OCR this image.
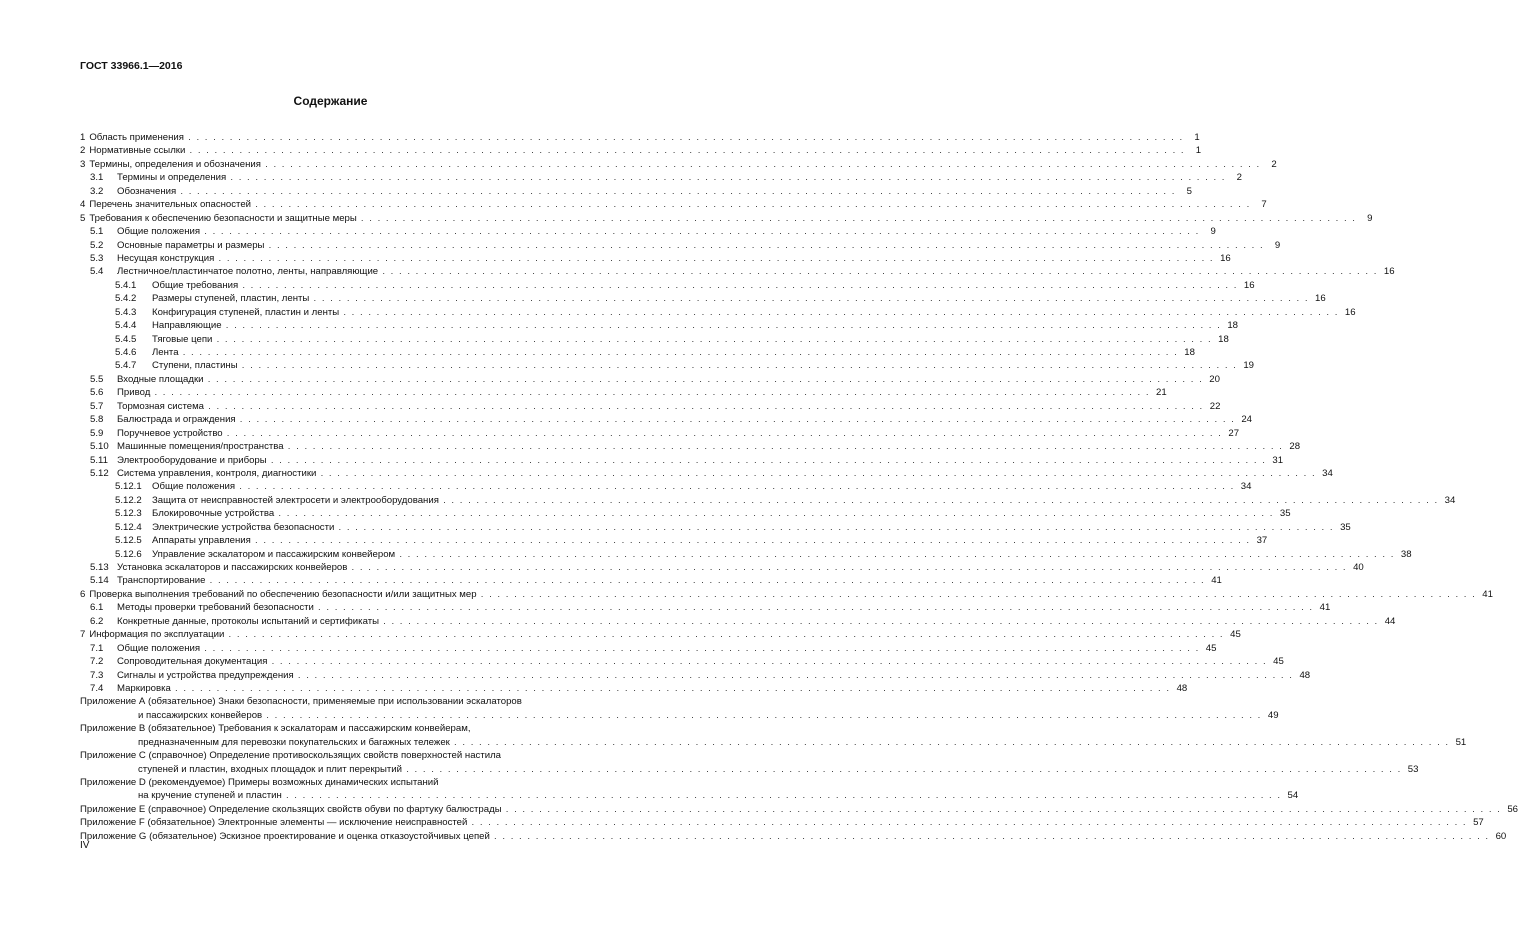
ГОСТ 33966.1—2016
Содержание
1 Область применения . . . . . . . . . . . . . . . . . . . . . . . . . . . . . . . . . . . . . . . . . . . . . . . . . . . . . . . . . . . . . . . . . . . . . . . . . . . . . . . . . . . . . . . . . . . . . . . . . . . . . . . . . . . . . . . . . . . . . . . .	1
2 Нормативные ссылки . . . . . . . . . . . . . . . . . . . . . . . . . . . . . . . . . . . . . . . . . . . . . . . . . . . . . . . . . . . . . . . . . . . . . . . . . . . . . . . . . . . . . . . . . . . . . . . . . . . . . . . . . . . . . . . . . . . . . . . .	1
3 Термины, определения и обозначения . . . . . . . . . . . . . . . . . . . . . . . . . . . . . . . . . . . . . . . . . . . . . . . . . . . . . . . . . . . . . . . . . . . . . . . . . . . . . . . . . . . . . . . . . . . . . . . . . . . . . . . . . . . . . . . . . . . . . . . .	2
3.1 Термины и определения . . . . . . . . . . . . . . . . . . . . . . . . . . . . . . . . . . . . . . . . . . . . . . . . . . . . . . . . . . . . . . . . . . . . . . . . . . . . . . . . . . . . . . . . . . . . . . . . . . . . . . . . . . . . . . . . . . . . . . . .	2
3.2 Обозначения . . . . . . . . . . . . . . . . . . . . . . . . . . . . . . . . . . . . . . . . . . . . . . . . . . . . . . . . . . . . . . . . . . . . . . . . . . . . . . . . . . . . . . . . . . . . . . . . . . . . . . . . . . . . . . . . . . . . . . . .	5
4 Перечень значительных опасностей . . . . . . . . . . . . . . . . . . . . . . . . . . . . . . . . . . . . . . . . . . . . . . . . . . . . . . . . . . . . . . . . . . . . . . . . . . . . . . . . . . . . . . . . . . . . . . . . . . . . . . . . . . . . . . . . . . . . . . . .	7
5 Требования к обеспечению безопасности и защитные меры . . . . . . . . . . . . . . . . . . . . . . . . . . . . . . . . . . . . . . . . . . . . . . . . . . . . . . . . . . . . . . . . . . . . . . . . . . . . . . . . . . . . . . . . . . . . . . . . . . . . . . . . . . . . . . . . . . . . . . . .	9
5.1 Общие положения . . . . . . . . . . . . . . . . . . . . . . . . . . . . . . . . . . . . . . . . . . . . . . . . . . . . . . . . . . . . . . . . . . . . . . . . . . . . . . . . . . . . . . . . . . . . . . . . . . . . . . . . . . . . . . . . . . . . . . . .	9
5.2 Основные параметры и размеры . . . . . . . . . . . . . . . . . . . . . . . . . . . . . . . . . . . . . . . . . . . . . . . . . . . . . . . . . . . . . . . . . . . . . . . . . . . . . . . . . . . . . . . . . . . . . . . . . . . . . . . . . . . . . . . . . . . . . . . .	9
5.3 Несущая конструкция . . . . . . . . . . . . . . . . . . . . . . . . . . . . . . . . . . . . . . . . . . . . . . . . . . . . . . . . . . . . . . . . . . . . . . . . . . . . . . . . . . . . . . . . . . . . . . . . . . . . . . . . . . . . . . . . . . . . . . . . 16
5.4 Лестничное/пластинчатое полотно, ленты, направляющие . . . . . . . . . . . . . . . . . . . . . . . . . . . . . . . . . . . . . . . . . . . . . . . . . . . . . . . . . . . . . . . . . . . . . . . . . . . . . . . . . . . . . . . . . . . . . . . . . . . . . . . . . . . . . . . . . . . . . . . . 16
5.4.1 Общие требования . . . . . . . . . . . . . . . . . . . . . . . . . . . . . . . . . . . . . . . . . . . . . . . . . . . . . . . . . . . . . . . . . . . . . . . . . . . . . . . . . . . . . . . . . . . . . . . . . . . . . . . . . . . . . . . . . . . . . . . . 16
5.4.2 Размеры ступеней, пластин, ленты . . . . . . . . . . . . . . . . . . . . . . . . . . . . . . . . . . . . . . . . . . . . . . . . . . . . . . . . . . . . . . . . . . . . . . . . . . . . . . . . . . . . . . . . . . . . . . . . . . . . . . . . . . . . . . . . . . . . . . . . 16
5.4.3 Конфигурация ступеней, пластин и ленты . . . . . . . . . . . . . . . . . . . . . . . . . . . . . . . . . . . . . . . . . . . . . . . . . . . . . . . . . . . . . . . . . . . . . . . . . . . . . . . . . . . . . . . . . . . . . . . . . . . . . . . . . . . . . . . . . . . . . . . . 16
5.4.4 Направляющие . . . . . . . . . . . . . . . . . . . . . . . . . . . . . . . . . . . . . . . . . . . . . . . . . . . . . . . . . . . . . . . . . . . . . . . . . . . . . . . . . . . . . . . . . . . . . . . . . . . . . . . . . . . . . . . . . . . . . . . . 18
5.4.5 Тяговые цепи . . . . . . . . . . . . . . . . . . . . . . . . . . . . . . . . . . . . . . . . . . . . . . . . . . . . . . . . . . . . . . . . . . . . . . . . . . . . . . . . . . . . . . . . . . . . . . . . . . . . . . . . . . . . . . . . . . . . . . . . 18
5.4.6 Лента . . . . . . . . . . . . . . . . . . . . . . . . . . . . . . . . . . . . . . . . . . . . . . . . . . . . . . . . . . . . . . . . . . . . . . . . . . . . . . . . . . . . . . . . . . . . . . . . . . . . . . . . . . . . . . . . . . . . . . . . 18
5.4.7 Ступени, пластины . . . . . . . . . . . . . . . . . . . . . . . . . . . . . . . . . . . . . . . . . . . . . . . . . . . . . . . . . . . . . . . . . . . . . . . . . . . . . . . . . . . . . . . . . . . . . . . . . . . . . . . . . . . . . . . . . . . . . . . . 19
5.5 Входные площадки . . . . . . . . . . . . . . . . . . . . . . . . . . . . . . . . . . . . . . . . . . . . . . . . . . . . . . . . . . . . . . . . . . . . . . . . . . . . . . . . . . . . . . . . . . . . . . . . . . . . . . . . . . . . . . . . . . . . . . . . 20
5.6 Привод . . . . . . . . . . . . . . . . . . . . . . . . . . . . . . . . . . . . . . . . . . . . . . . . . . . . . . . . . . . . . . . . . . . . . . . . . . . . . . . . . . . . . . . . . . . . . . . . . . . . . . . . . . . . . . . . . . . . . . . . 21
5.7 Тормозная система . . . . . . . . . . . . . . . . . . . . . . . . . . . . . . . . . . . . . . . . . . . . . . . . . . . . . . . . . . . . . . . . . . . . . . . . . . . . . . . . . . . . . . . . . . . . . . . . . . . . . . . . . . . . . . . . . . . . . . . . 22
5.8 Балюстрада и ограждения . . . . . . . . . . . . . . . . . . . . . . . . . . . . . . . . . . . . . . . . . . . . . . . . . . . . . . . . . . . . . . . . . . . . . . . . . . . . . . . . . . . . . . . . . . . . . . . . . . . . . . . . . . . . . . . . . . . . . . . . 24
5.9 Поручневое устройство . . . . . . . . . . . . . . . . . . . . . . . . . . . . . . . . . . . . . . . . . . . . . . . . . . . . . . . . . . . . . . . . . . . . . . . . . . . . . . . . . . . . . . . . . . . . . . . . . . . . . . . . . . . . . . . . . . . . . . . . 27
5.10 Машинные помещения/пространства . . . . . . . . . . . . . . . . . . . . . . . . . . . . . . . . . . . . . . . . . . . . . . . . . . . . . . . . . . . . . . . . . . . . . . . . . . . . . . . . . . . . . . . . . . . . . . . . . . . . . . . . . . . . . . . . . . . . . . . . 28
5.11 Электрооборудование и приборы . . . . . . . . . . . . . . . . . . . . . . . . . . . . . . . . . . . . . . . . . . . . . . . . . . . . . . . . . . . . . . . . . . . . . . . . . . . . . . . . . . . . . . . . . . . . . . . . . . . . . . . . . . . . . . . . . . . . . . . . 31
5.12 Система управления, контроля, диагностики . . . . . . . . . . . . . . . . . . . . . . . . . . . . . . . . . . . . . . . . . . . . . . . . . . . . . . . . . . . . . . . . . . . . . . . . . . . . . . . . . . . . . . . . . . . . . . . . . . . . . . . . . . . . . . . . . . . . . . . . 34
5.12.1 Общие положения . . . . . . . . . . . . . . . . . . . . . . . . . . . . . . . . . . . . . . . . . . . . . . . . . . . . . . . . . . . . . . . . . . . . . . . . . . . . . . . . . . . . . . . . . . . . . . . . . . . . . . . . . . . . . . . . . . . . . . . . 34
5.12.2 Защита от неисправностей электросети и электрооборудования . . . . . . . . . . . . . . . . . . . . . . . . . . . . . . . . . . . . . . . . . . . . . . . . . . . . . . . . . . . . . . . . . . . . . . . . . . . . . . . . . . . . . . . . . . . . . . . . . . . . . . . . . . . . . . . . . . . . . . . . 34
5.12.3 Блокировочные устройства . . . . . . . . . . . . . . . . . . . . . . . . . . . . . . . . . . . . . . . . . . . . . . . . . . . . . . . . . . . . . . . . . . . . . . . . . . . . . . . . . . . . . . . . . . . . . . . . . . . . . . . . . . . . . . . . . . . . . . . . 35
5.12.4 Электрические устройства безопасности . . . . . . . . . . . . . . . . . . . . . . . . . . . . . . . . . . . . . . . . . . . . . . . . . . . . . . . . . . . . . . . . . . . . . . . . . . . . . . . . . . . . . . . . . . . . . . . . . . . . . . . . . . . . . . . . . . . . . . . . 35
5.12.5 Аппараты управления . . . . . . . . . . . . . . . . . . . . . . . . . . . . . . . . . . . . . . . . . . . . . . . . . . . . . . . . . . . . . . . . . . . . . . . . . . . . . . . . . . . . . . . . . . . . . . . . . . . . . . . . . . . . . . . . . . . . . . . . 37
5.12.6 Управление эскалатором и пассажирским конвейером . . . . . . . . . . . . . . . . . . . . . . . . . . . . . . . . . . . . . . . . . . . . . . . . . . . . . . . . . . . . . . . . . . . . . . . . . . . . . . . . . . . . . . . . . . . . . . . . . . . . . . . . . . . . . . . . . . . . . . . . 38
5.13 Установка эскалаторов и пассажирских конвейеров . . . . . . . . . . . . . . . . . . . . . . . . . . . . . . . . . . . . . . . . . . . . . . . . . . . . . . . . . . . . . . . . . . . . . . . . . . . . . . . . . . . . . . . . . . . . . . . . . . . . . . . . . . . . . . . . . . . . . . . . 40
5.14 Транспортирование . . . . . . . . . . . . . . . . . . . . . . . . . . . . . . . . . . . . . . . . . . . . . . . . . . . . . . . . . . . . . . . . . . . . . . . . . . . . . . . . . . . . . . . . . . . . . . . . . . . . . . . . . . . . . . . . . . . . . . . . 41
6 Проверка выполнения требований по обеспечению безопасности и/или защитных мер . . . . . . . . . . . . . . . . . . . . . . . . . . . . . . . . . . . . . . . . . . . . . . . . . . . . . . . . . . . . . . . . . . . . . . . . . . . . . . . . . . . . . . . . . . . . . . . . . . . . . . . . . . . . . . . . . . . . . . . . 41
6.1 Методы проверки требований безопасности . . . . . . . . . . . . . . . . . . . . . . . . . . . . . . . . . . . . . . . . . . . . . . . . . . . . . . . . . . . . . . . . . . . . . . . . . . . . . . . . . . . . . . . . . . . . . . . . . . . . . . . . . . . . . . . . . . . . . . . . 41
6.2 Конкретные данные, протоколы испытаний и сертификаты . . . . . . . . . . . . . . . . . . . . . . . . . . . . . . . . . . . . . . . . . . . . . . . . . . . . . . . . . . . . . . . . . . . . . . . . . . . . . . . . . . . . . . . . . . . . . . . . . . . . . . . . . . . . . . . . . . . . . . . . 44
7 Информация по эксплуатации . . . . . . . . . . . . . . . . . . . . . . . . . . . . . . . . . . . . . . . . . . . . . . . . . . . . . . . . . . . . . . . . . . . . . . . . . . . . . . . . . . . . . . . . . . . . . . . . . . . . . . . . . . . . . . . . . . . . . . . . 45
7.1 Общие положения . . . . . . . . . . . . . . . . . . . . . . . . . . . . . . . . . . . . . . . . . . . . . . . . . . . . . . . . . . . . . . . . . . . . . . . . . . . . . . . . . . . . . . . . . . . . . . . . . . . . . . . . . . . . . . . . . . . . . . . . 45
7.2 Сопроводительная документация . . . . . . . . . . . . . . . . . . . . . . . . . . . . . . . . . . . . . . . . . . . . . . . . . . . . . . . . . . . . . . . . . . . . . . . . . . . . . . . . . . . . . . . . . . . . . . . . . . . . . . . . . . . . . . . . . . . . . . . . 45
7.3 Сигналы и устройства предупреждения . . . . . . . . . . . . . . . . . . . . . . . . . . . . . . . . . . . . . . . . . . . . . . . . . . . . . . . . . . . . . . . . . . . . . . . . . . . . . . . . . . . . . . . . . . . . . . . . . . . . . . . . . . . . . . . . . . . . . . . . 48
7.4 Маркировка . . . . . . . . . . . . . . . . . . . . . . . . . . . . . . . . . . . . . . . . . . . . . . . . . . . . . . . . . . . . . . . . . . . . . . . . . . . . . . . . . . . . . . . . . . . . . . . . . . . . . . . . . . . . . . . . . . . . . . . . 48
Приложение А (обязательное) Знаки безопасности, применяемые при использовании эскалаторов
и пассажирских конвейеров . . . . . . . . . . . . . . . . . . . . . . . . . . . . . . . . . . . . . . . . . . . . . . . . . . . . . . . . . . . . . . . . . . . . . . . . . . . . . . . . . . . . . . . . . . . . . . . . . . . . . . . . . . . . . . . . . . . . . . . . 49
Приложение B (обязательное) Требования к эскалаторам и пассажирским конвейерам,
предназначенным для перевозки покупательских и багажных тележек . . . . . . . . . . . . . . . . . . . . . . . . . . . . . . . . . . . . . . . . . . . . . . . . . . . . . . . . . . . . . . . . . . . . . . . . . . . . . . . . . . . . . . . . . . . . . . . . . . . . . . . . . . . . . . . . . . . . . . . . 51
Приложение C (справочное) Определение противоскользящих свойств поверхностей настила
ступеней и пластин, входных площадок и плит перекрытий . . . . . . . . . . . . . . . . . . . . . . . . . . . . . . . . . . . . . . . . . . . . . . . . . . . . . . . . . . . . . . . . . . . . . . . . . . . . . . . . . . . . . . . . . . . . . . . . . . . . . . . . . . . . . . . . . . . . . . . . 53
Приложение D (рекомендуемое) Примеры возможных динамических испытаний
на кручение ступеней и пластин . . . . . . . . . . . . . . . . . . . . . . . . . . . . . . . . . . . . . . . . . . . . . . . . . . . . . . . . . . . . . . . . . . . . . . . . . . . . . . . . . . . . . . . . . . . . . . . . . . . . . . . . . . . . . . . . . . . . . . . . 54
Приложение E (справочное) Определение скользящих свойств обуви по фартуку балюстрады . . . . . . . . . . . . . . . . . . . . . . . . . . . . . . . . . . . . . . . . . . . . . . . . . . . . . . . . . . . . . . . . . . . . . . . . . . . . . . . . . . . . . . . . . . . . . . . . . . . . . . . . . . . . . . . . . . . . . . . . 56
Приложение F (обязательное) Электронные элементы — исключение неисправностей . . . . . . . . . . . . . . . . . . . . . . . . . . . . . . . . . . . . . . . . . . . . . . . . . . . . . . . . . . . . . . . . . . . . . . . . . . . . . . . . . . . . . . . . . . . . . . . . . . . . . . . . . . . . . . . . . . . . . . . . 57
Приложение G (обязательное) Эскизное проектирование и оценка отказоустойчивых цепей . . . . . . . . . . . . . . . . . . . . . . . . . . . . . . . . . . . . . . . . . . . . . . . . . . . . . . . . . . . . . . . . . . . . . . . . . . . . . . . . . . . . . . . . . . . . . . . . . . . . . . . . . . . . . . . . . . . . . . . . 60
IV
